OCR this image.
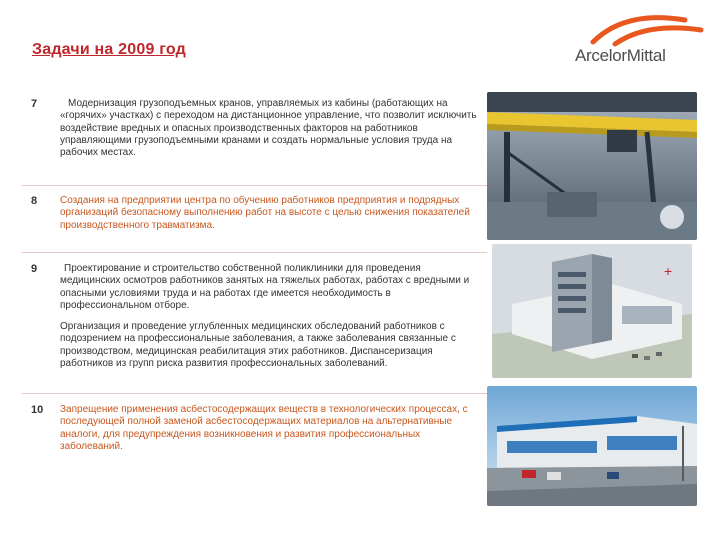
Задачи на 2009 год	ArcelorMittal
7	Модернизация грузоподъемных кранов, управляемых из кабины (работающих на «горячих» участках) с переходом на дистанционное управление, что позволит исключить воздействие вредных и опасных производственных факторов на работников управляющими грузоподъемными кранами и создать нормальные условия труда на рабочих местах.
8 Создания на предприятии центра по обучению работников предприятия и подрядных организаций безопасному выполнению работ на высоте с целью снижения показателей производственного травматизма.
9	Проектирование и строительство собственной поликлиники для проведения медицинских осмотров работников занятых на тяжелых работах, работах с вредными и опасными условиями труда и на работах где имеется необходимость в профессиональном отборе.
Организация и проведение углубленных медицинских обследований работников с подозрением на профессиональные заболевания, а также заболевания связанные с производством, медицинская реабилитация этих работников. Диспансеризация работников из групп риска развития профессиональных заболеваний.
10 Запрещение применения асбестосодержащих веществ в технологических процессах, с последующей полной заменой асбестосодержащих материалов на альтернативные аналоги, для предупреждения возникновения и развития профессиональных заболеваний.
+
